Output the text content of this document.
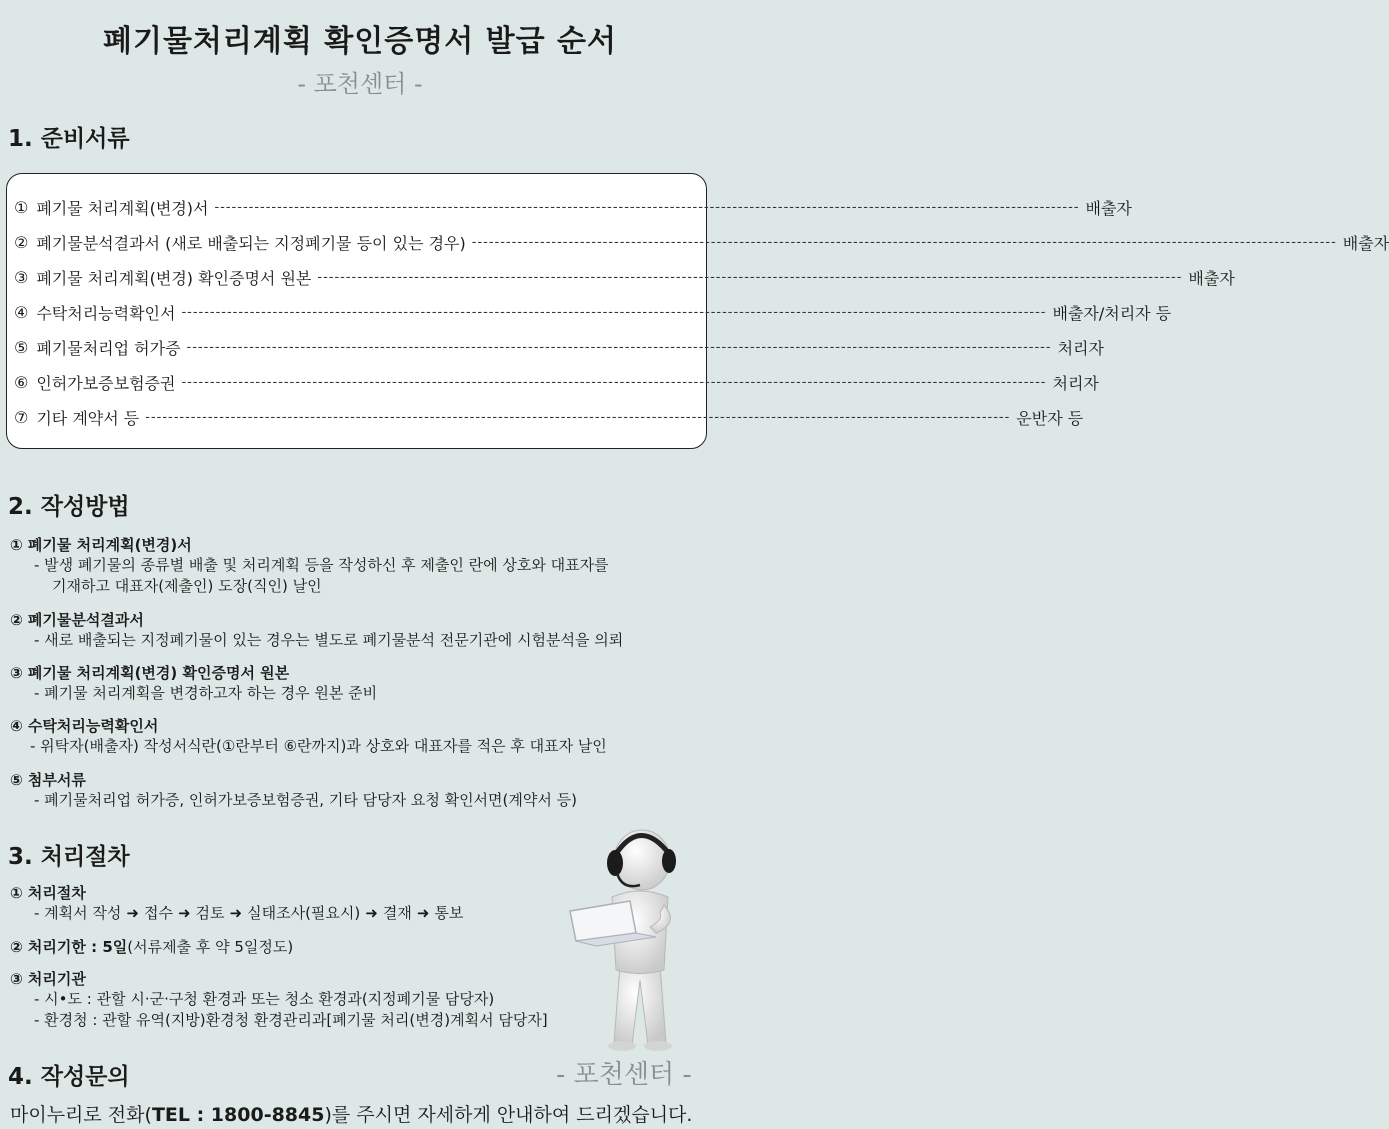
폐기물처리계획 확인증명서 발급 순서
- 포천센터 -
1. 준비서류
① 폐기물 처리계획(변경)서 -------------------------------------------------------------------------------------------------------------------------------------------------------- 배출자
② 폐기물분석결과서 (새로 배출되는 지정폐기물 등이 있는 경우) -------------------------------------------------------------------------------------------------------------------------------------------------------- 배출자
③ 폐기물 처리계획(변경) 확인증명서 원본 -------------------------------------------------------------------------------------------------------------------------------------------------------- 배출자
④ 수탁처리능력확인서 -------------------------------------------------------------------------------------------------------------------------------------------------------- 배출자/처리자 등
⑤ 폐기물처리업 허가증 -------------------------------------------------------------------------------------------------------------------------------------------------------- 처리자
⑥ 인허가보증보험증권 -------------------------------------------------------------------------------------------------------------------------------------------------------- 처리자
⑦ 기타 계약서 등 -------------------------------------------------------------------------------------------------------------------------------------------------------- 운반자 등
2. 작성방법
① 폐기물 처리계획(변경)서
- 발생 폐기물의 종류별 배출 및 처리계획 등을 작성하신 후 제출인 란에 상호와 대표자를
기재하고 대표자(제출인) 도장(직인) 날인
② 폐기물분석결과서
- 새로 배출되는 지정폐기물이 있는 경우는 별도로 폐기물분석 전문기관에 시험분석을 의뢰
③ 폐기물 처리계획(변경) 확인증명서 원본
- 폐기물 처리계획을 변경하고자 하는 경우 원본 준비
④ 수탁처리능력확인서
- 위탁자(배출자) 작성서식란(①란부터 ⑥란까지)과 상호와 대표자를 적은 후 대표자 날인
⑤ 첨부서류
- 폐기물처리업 허가증, 인허가보증보험증권, 기타 담당자 요청 확인서면(계약서 등)
3. 처리절차
① 처리절차
- 계획서 작성 ➜ 접수 ➜ 검토 ➜ 실태조사(필요시) ➜ 결재 ➜ 통보
② 처리기한 : 5일(서류제출 후 약 5일정도)
③ 처리기관
- 시•도 : 관할 시·군·구청 환경과 또는 청소 환경과(지정폐기물 담당자)
- 환경청 : 관할 유역(지방)환경청 환경관리과[폐기물 처리(변경)계획서 담당자]
4. 작성문의	- 포천센터 -
마이누리로 전화(TEL : 1800-8845)를 주시면 자세하게 안내하여 드리겠습니다.
